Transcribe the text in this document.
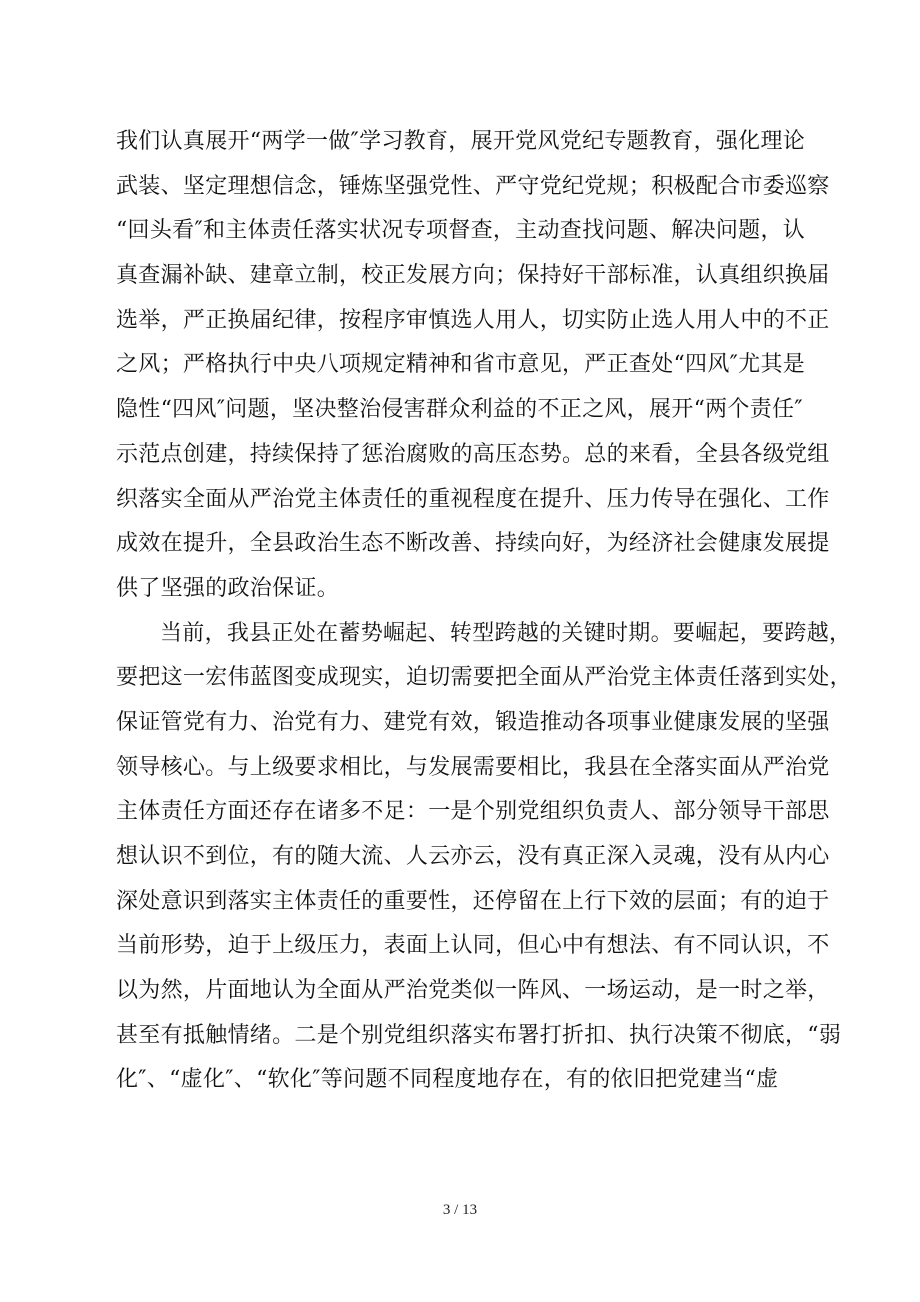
我们认真展开“两学一做″学习教育，展开党风党纪专题教育，强化理论
武装、坚定理想信念，锤炼坚强党性、严守党纪党规；积极配合市委巡察
“回头看″和主体责任落实状况专项督查，主动查找问题、解决问题，认
真查漏补缺、建章立制，校正发展方向；保持好干部标准，认真组织换届
选举，严正换届纪律，按程序审慎选人用人，切实防止选人用人中的不正
之风；严格执行中央八项规定精神和省市意见，严正查处“四风″尤其是
隐性“四风″问题，坚决整治侵害群众利益的不正之风，展开“两个责任″
示范点创建，持续保持了惩治腐败的高压态势。总的来看，全县各级党组
织落实全面从严治党主体责任的重视程度在提升、压力传导在强化、工作
成效在提升，全县政治生态不断改善、持续向好，为经济社会健康发展提
供了坚强的政治保证。
当前，我县正处在蓄势崛起、转型跨越的关键时期。要崛起，要跨越，
要把这一宏伟蓝图变成现实，迫切需要把全面从严治党主体责任落到实处，
保证管党有力、治党有力、建党有效，锻造推动各项事业健康发展的坚强
领导核心。与上级要求相比，与发展需要相比，我县在全落实面从严治党
主体责任方面还存在诸多不足：一是个别党组织负责人、部分领导干部思
想认识不到位，有的随大流、人云亦云，没有真正深入灵魂，没有从内心
深处意识到落实主体责任的重要性，还停留在上行下效的层面；有的迫于
当前形势，迫于上级压力，表面上认同，但心中有想法、有不同认识，不
以为然，片面地认为全面从严治党类似一阵风、一场运动，是一时之举，
甚至有抵触情绪。二是个别党组织落实布署打折扣、执行决策不彻底，“弱
化″、“虚化″、“软化″等问题不同程度地存在，有的依旧把党建当“虚
3 / 13
